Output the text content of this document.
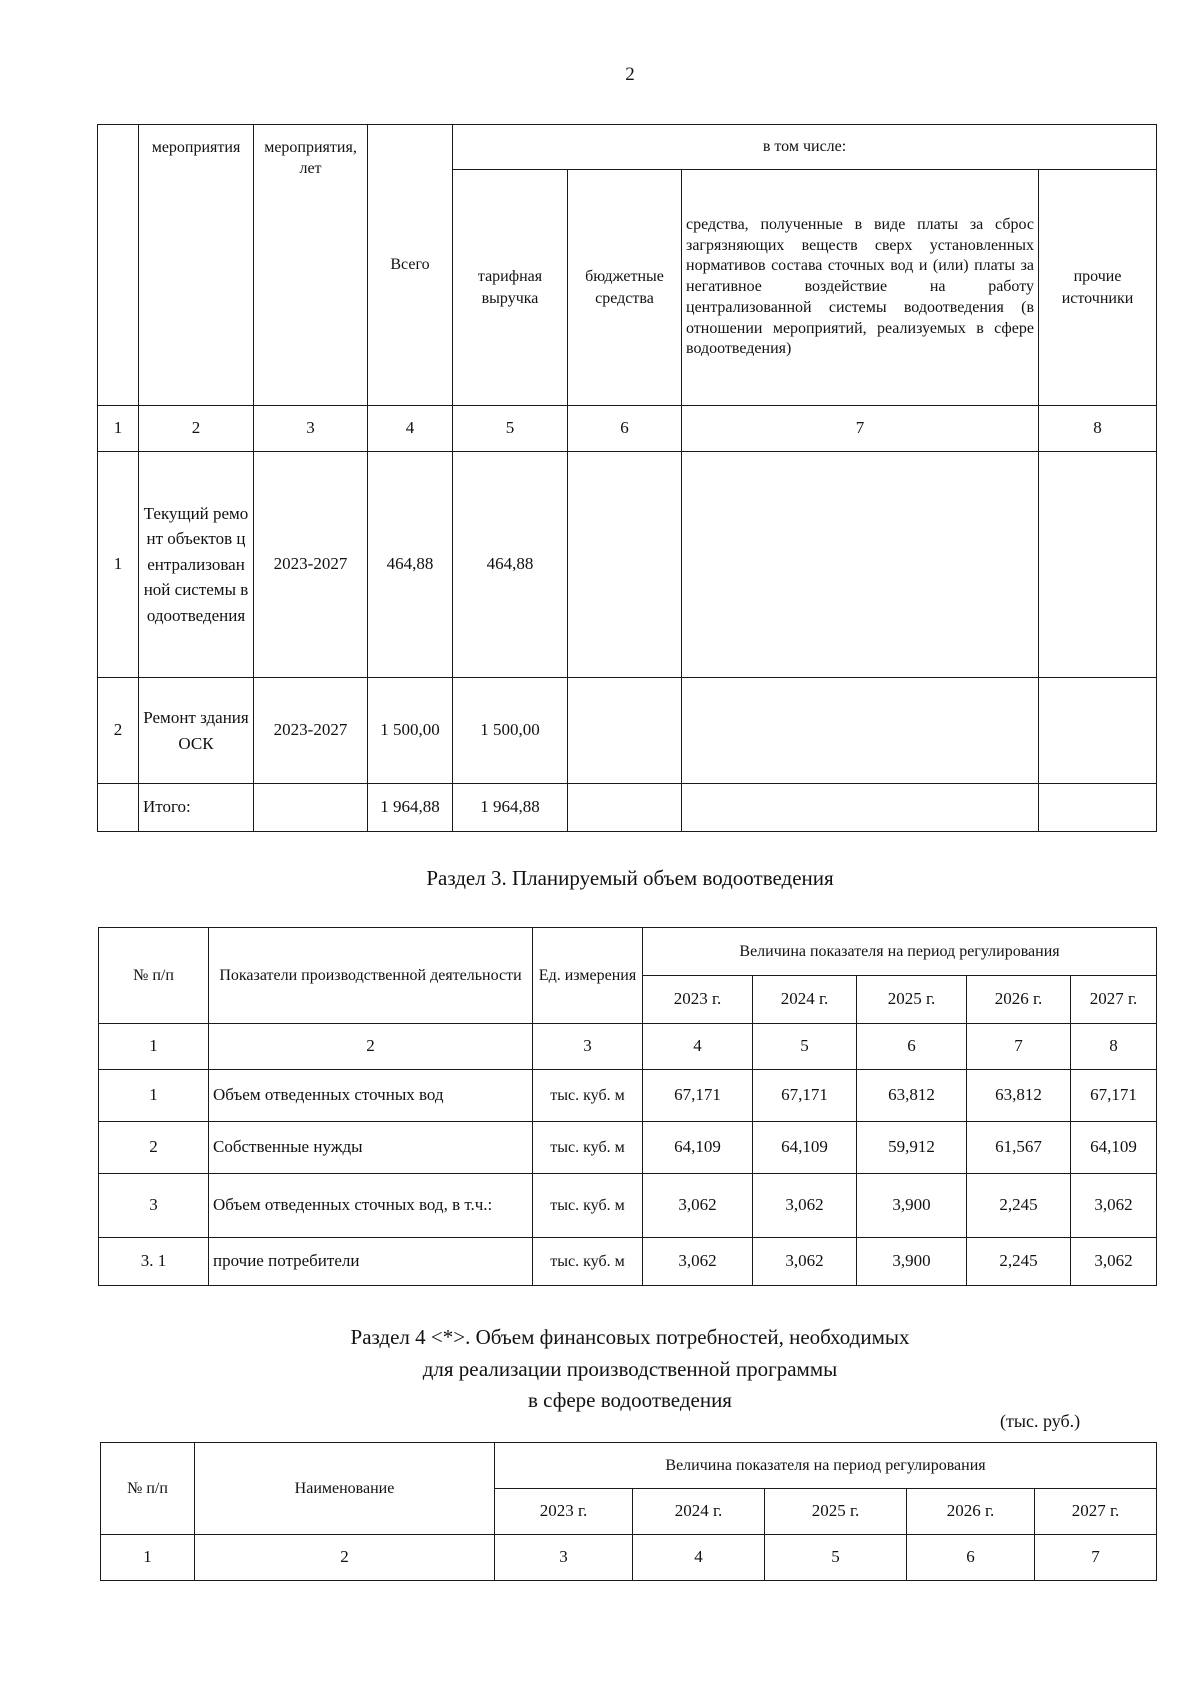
2
	мероприятия	мероприятия, лет	Всего	в том числе:			
				тарифная выручка	бюджетные средства	средства, полученные в виде платы за сброс загрязняющих веществ сверх установленных нормативов состава сточных вод и (или) платы за негативное воздействие на работу централизованной системы водоотведения (в отношении мероприятий, реализуемых в сфере водоотведения)	прочие источники
1	2	3	4	5	6	7	8
1	Текущий ремонт объектов централизованной системы водоотведения	2023-2027	464,88	464,88			
2	Ремонт здания ОСК	2023-2027	1 500,00	1 500,00			
	Итого:		1 964,88	1 964,88			
Раздел 3. Планируемый объем водоотведения
№ п/п	Показатели производственной деятельности	Ед. измерения	Величина показателя на период регулирования				
			2023 г.	2024 г.	2025 г.	2026 г.	2027 г.
1	2	3	4	5	6	7	8
1	Объем отведенных сточных вод	тыс. куб. м	67,171	67,171	63,812	63,812	67,171
2	Собственные нужды	тыс. куб. м	64,109	64,109	59,912	61,567	64,109
3	Объем отведенных сточных вод, в т.ч.:	тыс. куб. м	3,062	3,062	3,900	2,245	3,062
3. 1	прочие потребители	тыс. куб. м	3,062	3,062	3,900	2,245	3,062
Раздел 4 <*>. Объем финансовых потребностей, необходимых
для реализации производственной программы
в сфере водоотведения
(тыс. руб.)
№ п/п	Наименование	Величина показателя на период регулирования				
		2023 г.	2024 г.	2025 г.	2026 г.	2027 г.
1	2	3	4	5	6	7
